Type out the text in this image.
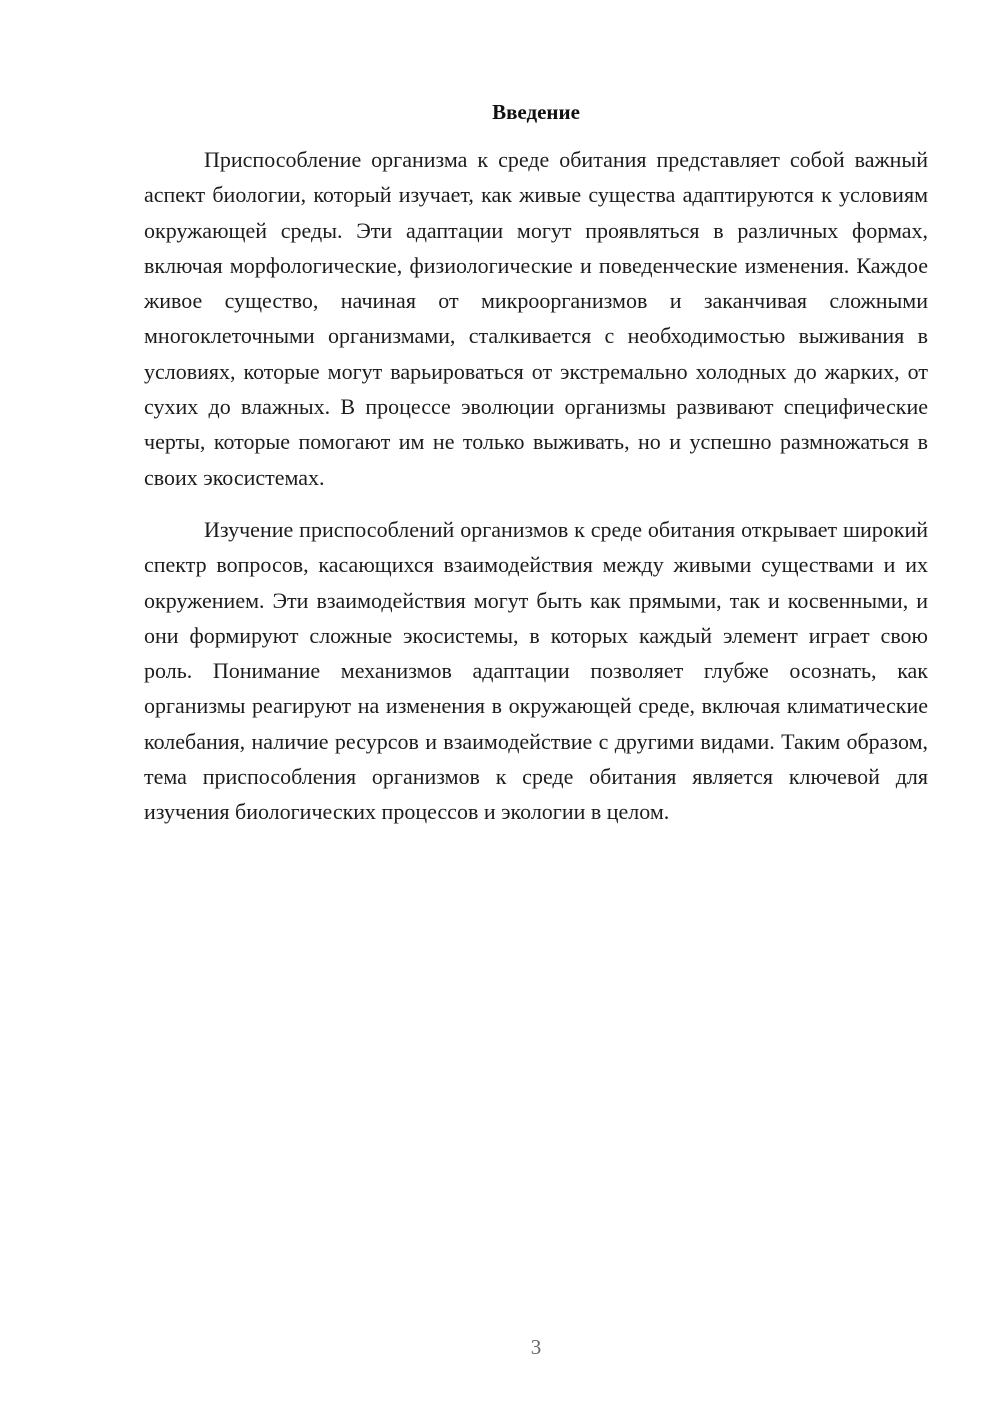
Введение

Приспособление организма к среде обитания представляет собой важный аспект биологии, который изучает, как живые существа адаптируются к условиям окружающей среды. Эти адаптации могут проявляться в различных формах, включая морфологические, физиологические и поведенческие изменения. Каждое живое существо, начиная от микроорганизмов и заканчивая сложными многоклеточными организмами, сталкивается с необходимостью выживания в условиях, которые могут варьироваться от экстремально холодных до жарких, от сухих до влажных. В процессе эволюции организмы развивают специфические черты, которые помогают им не только выживать, но и успешно размножаться в своих экосистемах.

Изучение приспособлений организмов к среде обитания открывает широкий спектр вопросов, касающихся взаимодействия между живыми существами и их окружением. Эти взаимодействия могут быть как прямыми, так и косвенными, и они формируют сложные экосистемы, в которых каждый элемент играет свою роль. Понимание механизмов адаптации позволяет глубже осознать, как организмы реагируют на изменения в окружающей среде, включая климатические колебания, наличие ресурсов и взаимодействие с другими видами. Таким образом, тема приспособления организмов к среде обитания является ключевой для изучения биологических процессов и экологии в целом.

3
